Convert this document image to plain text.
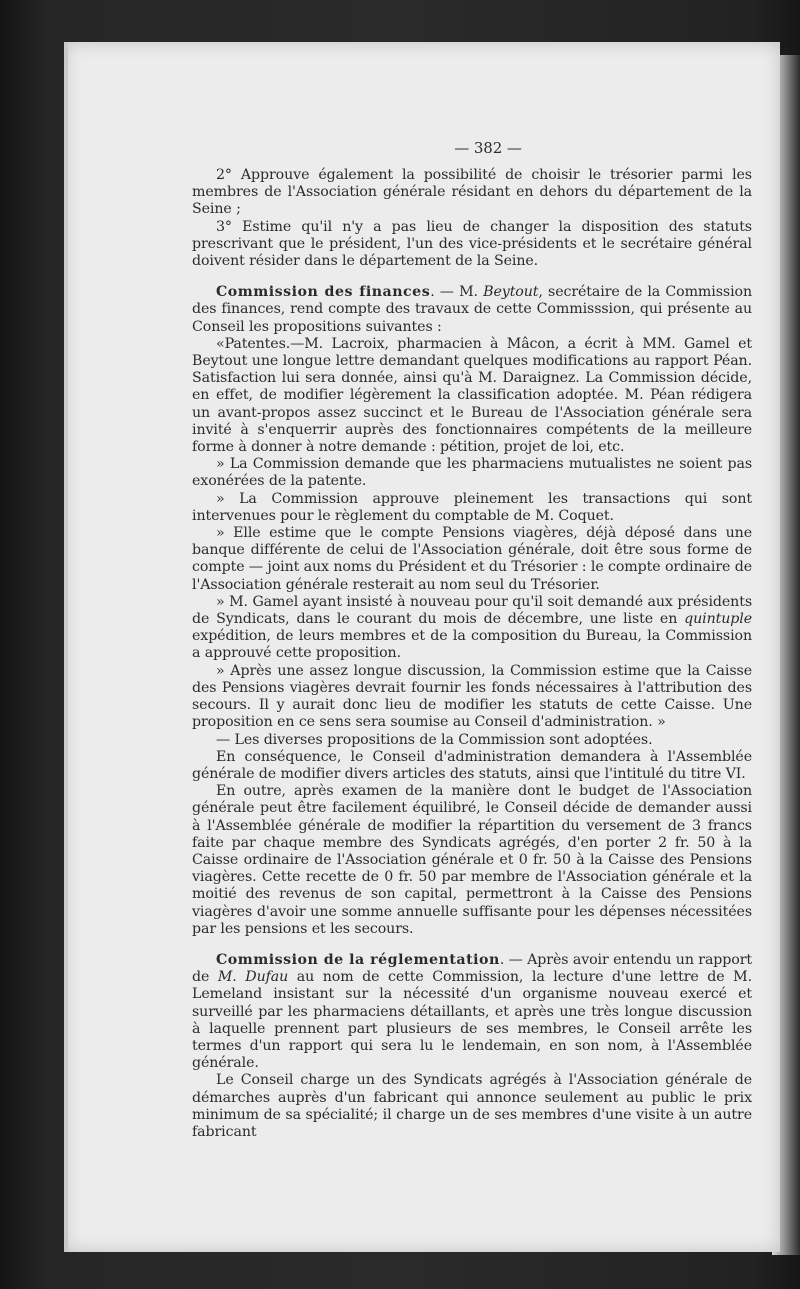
— 382 —

2° Approuve également la possibilité de choisir le trésorier parmi les membres de l'Association générale résidant en dehors du département de la Seine ;

3° Estime qu'il n'y a pas lieu de changer la disposition des statuts prescrivant que le président, l'un des vice-présidents et le secrétaire général doivent résider dans le département de la Seine.

Commission des finances. — M. Beytout, secrétaire de la Commission des finances, rend compte des travaux de cette Commisssion, qui présente au Conseil les propositions suivantes :

«Patentes.—M. Lacroix, pharmacien à Mâcon, a écrit à MM. Gamel et Beytout une longue lettre demandant quelques modifications au rapport Péan. Satisfaction lui sera donnée, ainsi qu'à M. Daraignez. La Commission décide, en effet, de modifier légèrement la classification adoptée. M. Péan rédigera un avant-propos assez succinct et le Bureau de l'Association générale sera invité à s'enquerrir auprès des fonctionnaires compétents de la meilleure forme à donner à notre demande : pétition, projet de loi, etc.

» La Commission demande que les pharmaciens mutualistes ne soient pas exonérées de la patente.

» La Commission approuve pleinement les transactions qui sont intervenues pour le règlement du comptable de M. Coquet.

» Elle estime que le compte Pensions viagères, déjà déposé dans une banque différente de celui de l'Association générale, doit être sous forme de compte — joint aux noms du Président et du Trésorier : le compte ordinaire de l'Association générale resterait au nom seul du Trésorier.

» M. Gamel ayant insisté à nouveau pour qu'il soit demandé aux présidents de Syndicats, dans le courant du mois de décembre, une liste en quintuple expédition, de leurs membres et de la composition du Bureau, la Commission a approuvé cette proposition.

» Après une assez longue discussion, la Commission estime que la Caisse des Pensions viagères devrait fournir les fonds nécessaires à l'attribution des secours. Il y aurait donc lieu de modifier les statuts de cette Caisse. Une proposition en ce sens sera soumise au Conseil d'administration. »

— Les diverses propositions de la Commission sont adoptées.

En conséquence, le Conseil d'administration demandera à l'Assemblée générale de modifier divers articles des statuts, ainsi que l'intitulé du titre VI.

En outre, après examen de la manière dont le budget de l'Association générale peut être facilement équilibré, le Conseil décide de demander aussi à l'Assemblée générale de modifier la répartition du versement de 3 francs faite par chaque membre des Syndicats agrégés, d'en porter 2 fr. 50 à la Caisse ordinaire de l'Association générale et 0 fr. 50 à la Caisse des Pensions viagères. Cette recette de 0 fr. 50 par membre de l'Association générale et la moitié des revenus de son capital, permettront à la Caisse des Pensions viagères d'avoir une somme annuelle suffisante pour les dépenses nécessitées par les pensions et les secours.

Commission de la réglementation. — Après avoir entendu un rapport de M. Dufau au nom de cette Commission, la lecture d'une lettre de M. Lemeland insistant sur la nécessité d'un organisme nouveau exercé et surveillé par les pharmaciens détaillants, et après une très longue discussion à laquelle prennent part plusieurs de ses membres, le Conseil arrête les termes d'un rapport qui sera lu le lendemain, en son nom, à l'Assemblée générale.

Le Conseil charge un des Syndicats agrégés à l'Association générale de démarches auprès d'un fabricant qui annonce seulement au public le prix minimum de sa spécialité; il charge un de ses membres d'une visite à un autre fabricant
